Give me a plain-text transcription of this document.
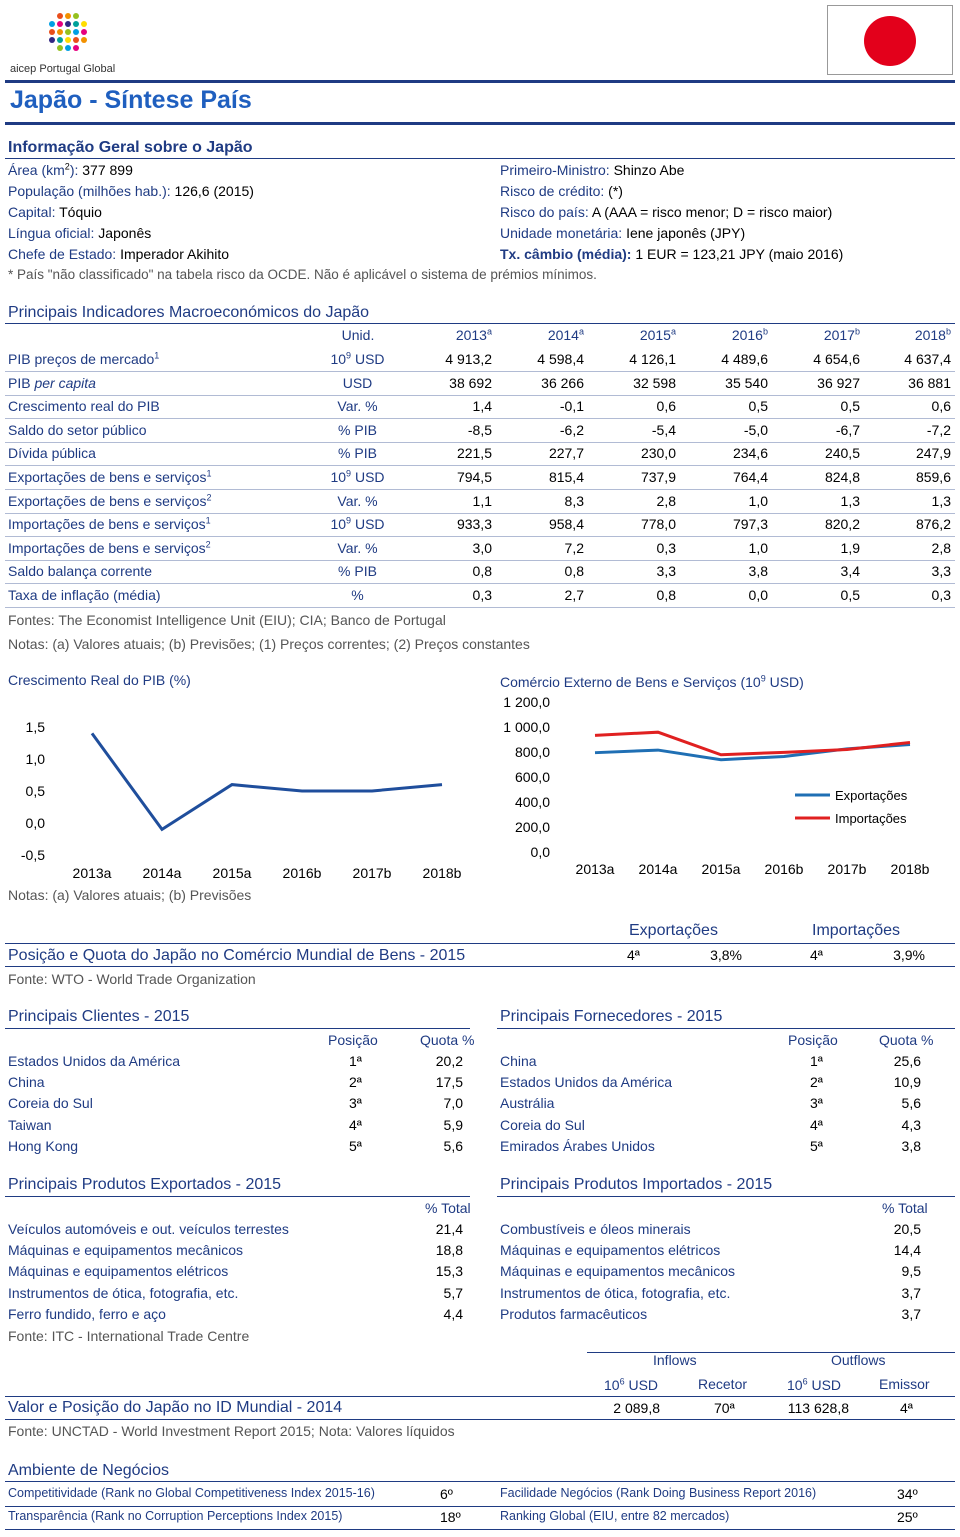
aicep Portugal Global
Japão - Síntese País
Informação Geral sobre o Japão
Área $(km^2)$: 377 899
População (milhões hab.): 126,6 (2015)
Capital: Tóquio
Língua oficial: Japonês
Chefe de Estado: Imperador Akihito
Primeiro-Ministro: Shinzo Abe
Risco de crédito: (*)
Risco do país: A (AAA = risco menor; D = risco maior)
Unidade monetária: Iene japonês (JPY)
Tx. câmbio (média): 1 EUR = 123,21 JPY (maio 2016)
* País "não classificado" na tabela risco da OCDE. Não é aplicável o sistema de prémios mínimos.
Principais Indicadores Macroeconómicos do Japão
Unid.	2013$^a$	2014$^a$	2015$^a$	2016$^b$	2017$^b$	2018$^b$
PIB preços de mercado$^1$	$10^9$ USD	4 913,2	4 598,4	4 126,1	4 489,6	4 654,6	4 637,4
PIB per capita	USD	38 692	36 266	32 598	35 540	36 927	36 881
Crescimento real do PIB	Var. %	1,4	-0,1	0,6	0,5	0,5	0,6
Saldo do setor público	% PIB	-8,5	-6,2	-5,4	-5,0	-6,7	-7,2
Dívida pública	% PIB	221,5	227,7	230,0	234,6	240,5	247,9
Exportações de bens e serviços$^1$	$10^9$ USD	794,5	815,4	737,9	764,4	824,8	859,6
Exportações de bens e serviços$^2$	Var. %	1,1	8,3	2,8	1,0	1,3	1,3
Importações de bens e serviços$^1$	$10^9$ USD	933,3	958,4	778,0	797,3	820,2	876,2
Importações de bens e serviços$^2$	Var. %	3,0	7,2	0,3	1,0	1,9	2,8
Saldo balança corrente	% PIB	0,8	0,8	3,3	3,8	3,4	3,3
Taxa de inflação (média)	%	0,3	2,7	0,8	0,0	0,5	0,3
Fontes: The Economist Intelligence Unit (EIU); CIA; Banco de Portugal
Notas: (a) Valores atuais; (b) Previsões; (1) Preços correntes; (2) Preços constantes
Crescimento Real do PIB (%)
1,5
1,0
0,5
0,0
-0,5
2013a 2014a 2015a 2016b 2017b 2018b
Notas: (a) Valores atuais; (b) Previsões
Comércio Externo de Bens e Serviços ($10^9$ USD)
1 200,0
1 000,0
800,0
600,0
400,0
200,0
0,0
2013a 2014a 2015a 2016b 2017b 2018b
Exportações
Importações
Exportações	Importações
Posição e Quota do Japão no Comércio Mundial de Bens - 2015	4ª	3,8%	4ª	3,9%
Fonte: WTO - World Trade Organization
Principais Clientes - 2015	Principais Fornecedores - 2015
Posição	Quota %	Posição	Quota %
Estados Unidos da América	1ª	20,2
China	2ª	17,5
Coreia do Sul	3ª	7,0
Taiwan	4ª	5,9
Hong Kong	5ª	5,6
China	1ª	25,6
Estados Unidos da América	2ª	10,9
Austrália	3ª	5,6
Coreia do Sul	4ª	4,3
Emirados Árabes Unidos	5ª	3,8
Principais Produtos Exportados - 2015	Principais Produtos Importados - 2015
% Total	% Total
Veículos automóveis e out. veículos terrestes	21,4
Máquinas e equipamentos mecânicos	18,8
Máquinas e equipamentos elétricos	15,3
Instrumentos de ótica, fotografia, etc.	5,7
Ferro fundido, ferro e aço	4,4
Combustíveis e óleos minerais	20,5
Máquinas e equipamentos elétricos	14,4
Máquinas e equipamentos mecânicos	9,5
Instrumentos de ótica, fotografia, etc.	3,7
Produtos farmacêuticos	3,7
Fonte: ITC - International Trade Centre
Inflows	Outflows
$10^6$ USD	Recetor	$10^6$ USD	Emissor
Valor e Posição do Japão no ID Mundial - 2014	2 089,8	70ª	113 628,8	4ª
Fonte: UNCTAD - World Investment Report 2015; Nota: Valores líquidos
Ambiente de Negócios
Competitividade (Rank no Global Competitiveness Index 2015-16)	6º	Facilidade Negócios (Rank Doing Business Report 2016)	34º
Transparência (Rank no Corruption Perceptions Index 2015)	18º	Ranking Global (EIU, entre 82 mercados)	25º
